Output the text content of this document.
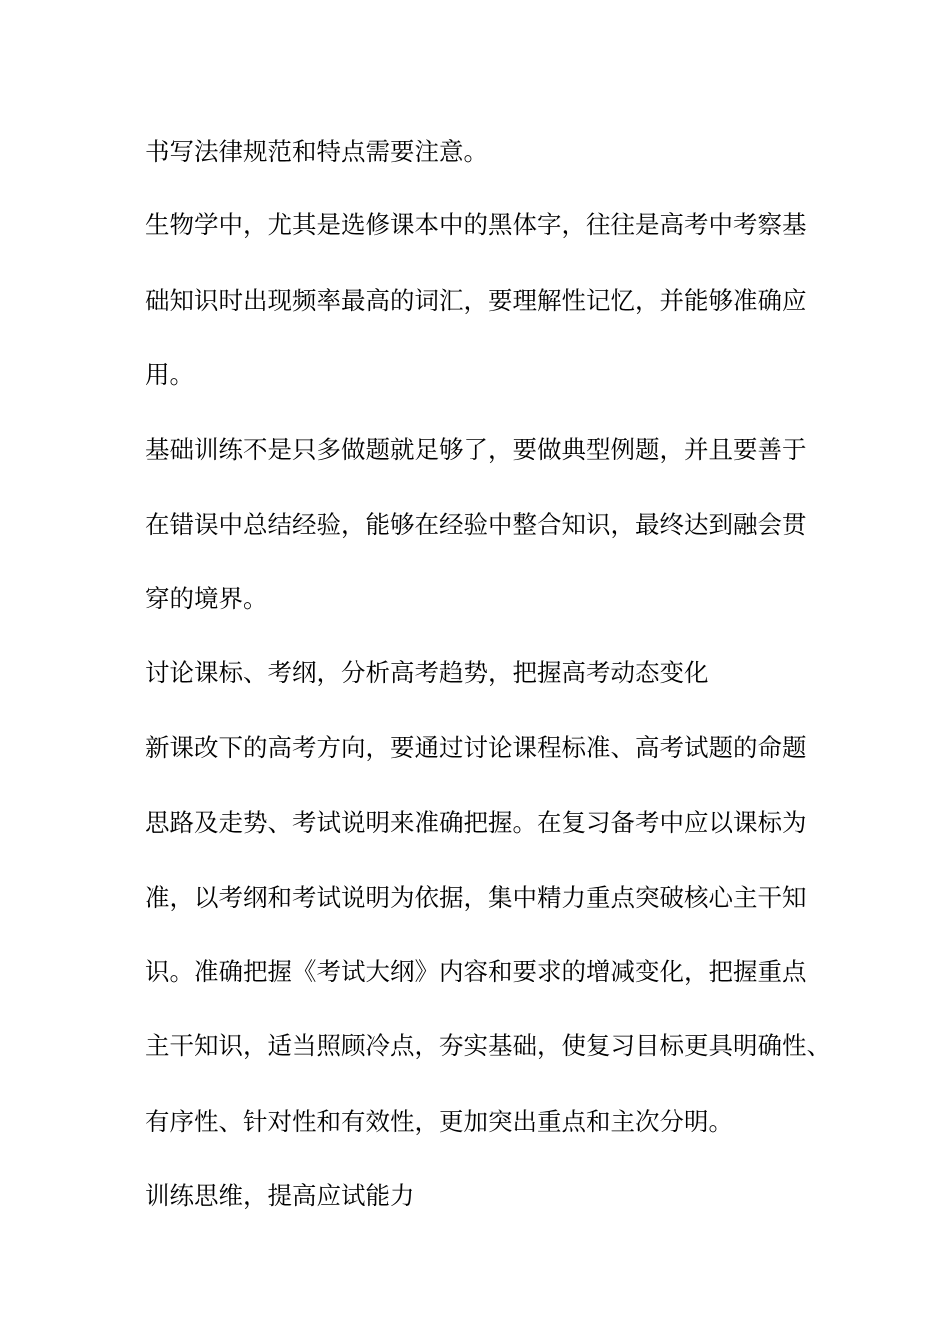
书写法律规范和特点需要注意。
生物学中，尤其是选修课本中的黑体字，往往是高考中考察基
础知识时出现频率最高的词汇，要理解性记忆，并能够准确应
用。
基础训练不是只多做题就足够了，要做典型例题，并且要善于
在错误中总结经验，能够在经验中整合知识，最终达到融会贯
穿的境界。
讨论课标、考纲，分析高考趋势，把握高考动态变化
新课改下的高考方向，要通过讨论课程标准、高考试题的命题
思路及走势、考试说明来准确把握。在复习备考中应以课标为
准，以考纲和考试说明为依据，集中精力重点突破核心主干知
识。准确把握《考试大纲》内容和要求的增减变化，把握重点
主干知识，适当照顾冷点，夯实基础，使复习目标更具明确性、
有序性、针对性和有效性，更加突出重点和主次分明。
训练思维，提高应试能力
